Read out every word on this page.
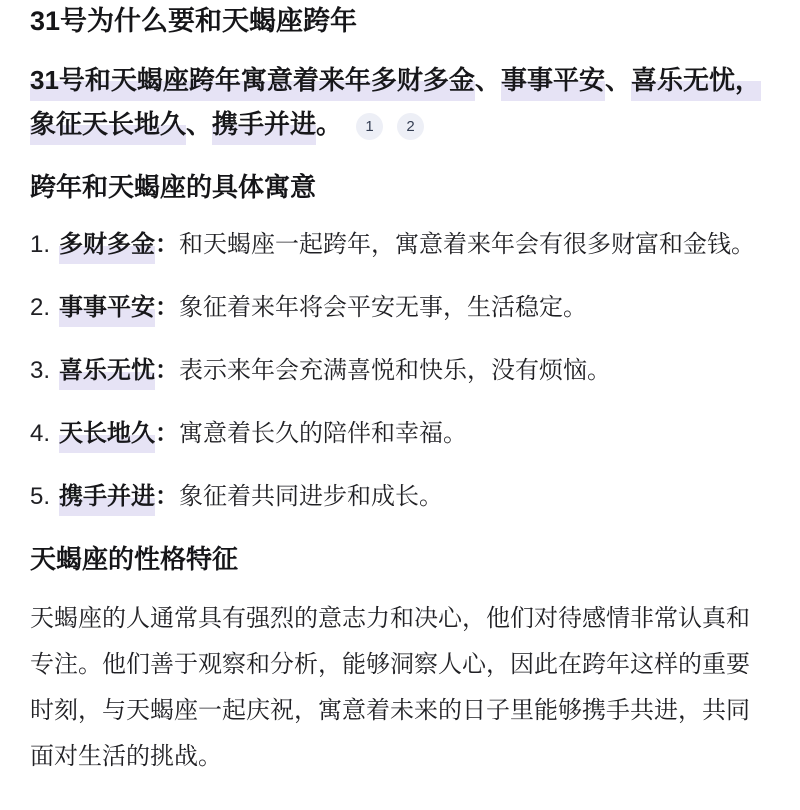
31号为什么要和天蝎座跨年

31号和天蝎座跨年寓意着来年多财多金、事事平安、喜乐无忧，象征天长地久、携手并进。 1 2

跨年和天蝎座的具体寓意
1. 多财多金：和天蝎座一起跨年，寓意着来年会有很多财富和金钱。
2. 事事平安：象征着来年将会平安无事，生活稳定。
3. 喜乐无忧：表示来年会充满喜悦和快乐，没有烦恼。
4. 天长地久：寓意着长久的陪伴和幸福。
5. 携手并进：象征着共同进步和成长。
天蝎座的性格特征

天蝎座的人通常具有强烈的意志力和决心，他们对待感情非常认真和专注。他们善于观察和分析，能够洞察人心，因此在跨年这样的重要时刻，与天蝎座一起庆祝，寓意着未来的日子里能够携手共进，共同面对生活的挑战。
